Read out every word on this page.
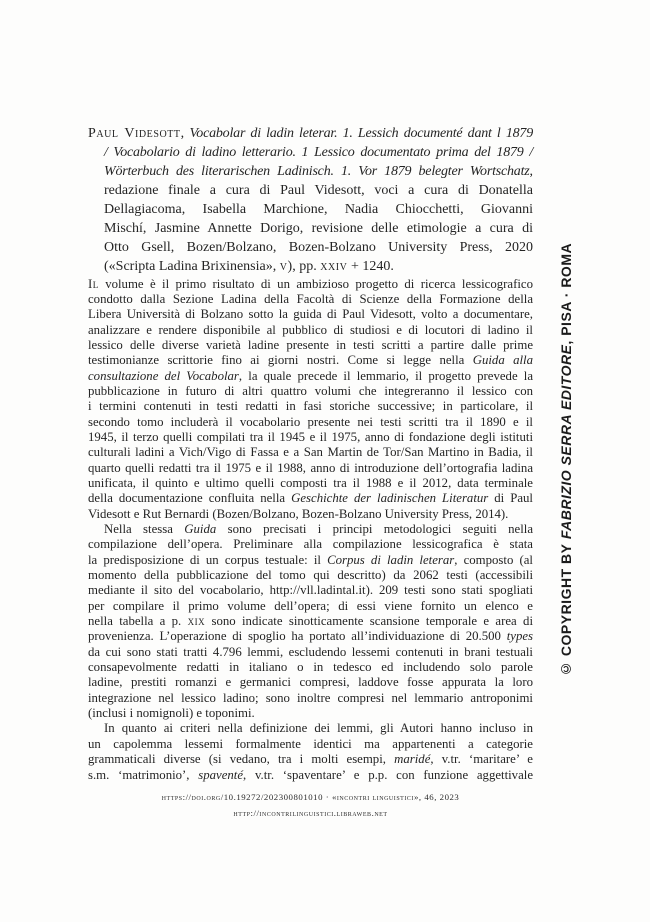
Paul Videsott, Vocabolar di ladin leterar. 1. Lessich documenté dant l 1879
/ Vocabolario di ladino letterario. 1 Lessico documentato prima del 1879 /
Wörterbuch des literarischen Ladinisch. 1. Vor 1879 belegter Wortschatz,
redazione finale a cura di Paul Videsott, voci a cura di Donatella
Dellagiacoma, Isabella Marchione, Nadia Chiocchetti, Giovanni
Mischí, Jasmine Annette Dorigo, revisione delle etimologie a cura di
Otto Gsell, Bozen/Bolzano, Bozen-Bolzano University Press, 2020
(«Scripta Ladina Brixinensia», v), pp. xxiv + 1240.
Il volume è il primo risultato di un ambizioso progetto di ricerca lessicografico
condotto dalla Sezione Ladina della Facoltà di Scienze della Formazione della
Libera Università di Bolzano sotto la guida di Paul Videsott, volto a documentare,
analizzare e rendere disponibile al pubblico di studiosi e di locutori di ladino il
lessico delle diverse varietà ladine presente in testi scritti a partire dalle prime
testimonianze scrittorie fino ai giorni nostri. Come si legge nella Guida alla
consultazione del Vocabolar, la quale precede il lemmario, il progetto prevede la
pubblicazione in futuro di altri quattro volumi che integreranno il lessico con
i termini contenuti in testi redatti in fasi storiche successive; in particolare, il
secondo tomo includerà il vocabolario presente nei testi scritti tra il 1890 e il
1945, il terzo quelli compilati tra il 1945 e il 1975, anno di fondazione degli istituti
culturali ladini a Vich/Vigo di Fassa e a San Martin de Tor/San Martino in Badia, il
quarto quelli redatti tra il 1975 e il 1988, anno di introduzione dell’ortografia ladina
unificata, il quinto e ultimo quelli composti tra il 1988 e il 2012, data terminale
della documentazione confluita nella Geschichte der ladinischen Literatur di Paul
Videsott e Rut Bernardi (Bozen/Bolzano, Bozen-Bolzano University Press, 2014).
Nella stessa Guida sono precisati i principi metodologici seguiti nella
compilazione dell’opera. Preliminare alla compilazione lessicografica è stata
la predisposizione di un corpus testuale: il Corpus di ladin leterar, composto (al
momento della pubblicazione del tomo qui descritto) da 2062 testi (accessibili
mediante il sito del vocabolario, http://vll.ladintal.it). 209 testi sono stati spogliati
per compilare il primo volume dell’opera; di essi viene fornito un elenco e
nella tabella a p. xix sono indicate sinotticamente scansione temporale e area di
provenienza. L’operazione di spoglio ha portato all’individuazione di 20.500 types
da cui sono stati tratti 4.796 lemmi, escludendo lessemi contenuti in brani testuali
consapevolmente redatti in italiano o in tedesco ed includendo solo parole
ladine, prestiti romanzi e germanici compresi, laddove fosse appurata la loro
integrazione nel lessico ladino; sono inoltre compresi nel lemmario antroponimi
(inclusi i nomignoli) e toponimi.
In quanto ai criteri nella definizione dei lemmi, gli Autori hanno incluso in
un capolemma lessemi formalmente identici ma appartenenti a categorie
grammaticali diverse (si vedano, tra i molti esempi, maridé, v.tr. ‘maritare’ e
s.m. ‘matrimonio’, spaventé, v.tr. ‘spaventare’ e p.p. con funzione aggettivale
https://doi.org/10.19272/202300801010 · «incontri linguistici», 46, 2023
http://incontrilinguistici.libraweb.net
© COPYRIGHT BY FABRIZIO SERRA EDITORE, PISA · ROMA
